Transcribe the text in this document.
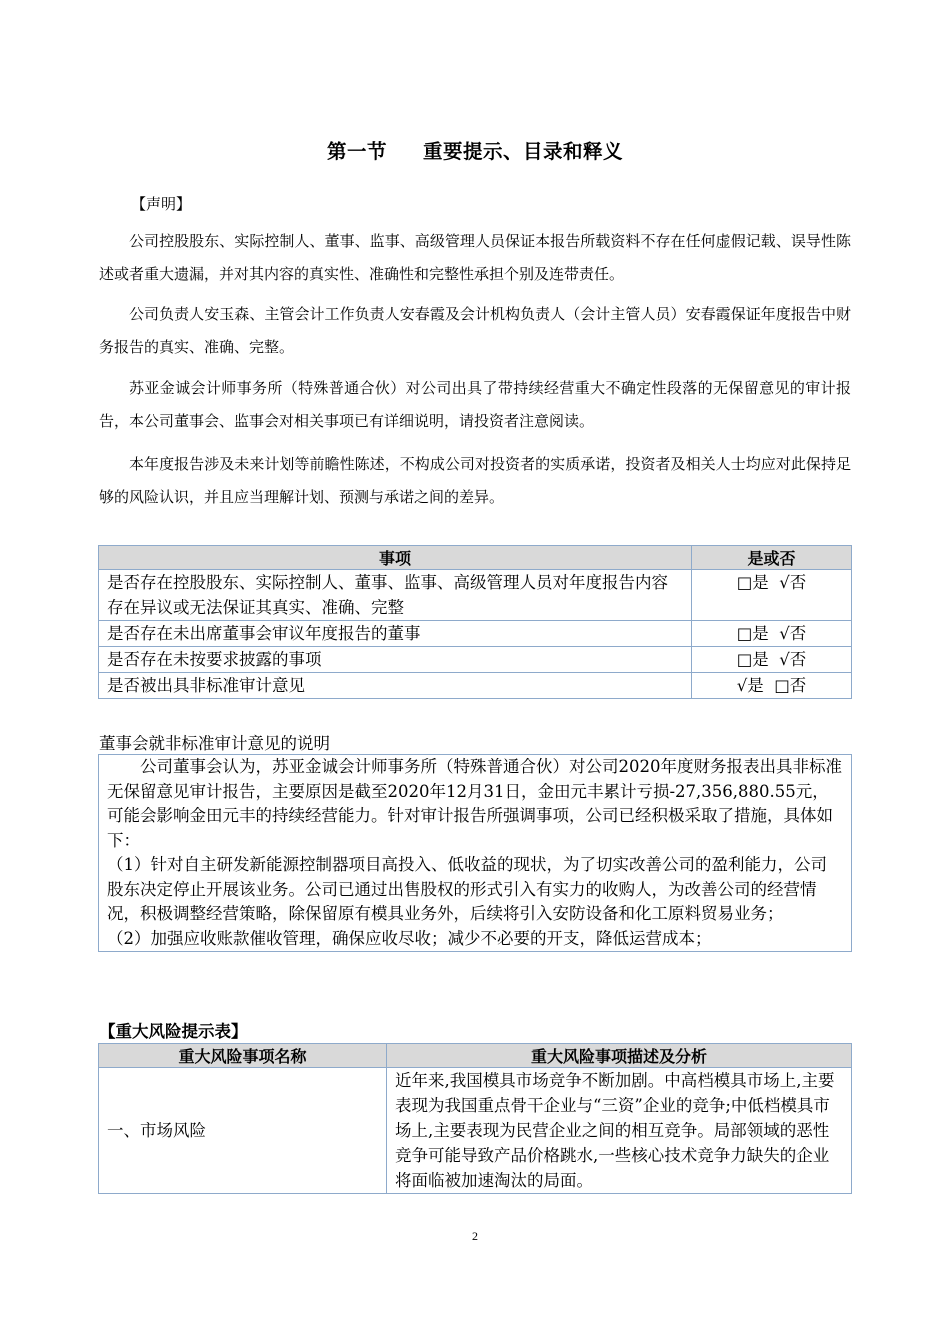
第一节 重要提示、目录和释义
【声明】
公司控股股东、实际控制人、董事、监事、高级管理人员保证本报告所载资料不存在任何虚假记载、误导性陈述或者重大遗漏，并对其内容的真实性、准确性和完整性承担个别及连带责任。
公司负责人安玉森、主管会计工作负责人安春霞及会计机构负责人（会计主管人员）安春霞保证年度报告中财务报告的真实、准确、完整。
苏亚金诚会计师事务所（特殊普通合伙）对公司出具了带持续经营重大不确定性段落的无保留意见的审计报告，本公司董事会、监事会对相关事项已有详细说明，请投资者注意阅读。
本年度报告涉及未来计划等前瞻性陈述，不构成公司对投资者的实质承诺，投资者及相关人士均应对此保持足够的风险认识，并且应当理解计划、预测与承诺之间的差异。
事项	是或否
是否存在控股股东、实际控制人、董事、监事、高级管理人员对年度报告内容存在异议或无法保证其真实、准确、完整	□是  √否
是否存在未出席董事会审议年度报告的董事	□是  √否
是否存在未按要求披露的事项	□是  √否
是否被出具非标准审计意见	√是  □否
董事会就非标准审计意见的说明

公司董事会认为，苏亚金诚会计师事务所（特殊普通合伙）对公司2020年度财务报表出具非标准无保留意见审计报告，主要原因是截至2020年12月31日，金田元丰累计亏损-27,356,880.55元，可能会影响金田元丰的持续经营能力。针对审计报告所强调事项，公司已经积极采取了措施，具体如下：

（1）针对自主研发新能源控制器项目高投入、低收益的现状，为了切实改善公司的盈利能力，公司股东决定停止开展该业务。公司已通过出售股权的形式引入有实力的收购人，为改善公司的经营情况，积极调整经营策略，除保留原有模具业务外，后续将引入安防设备和化工原料贸易业务；

（2）加强应收账款催收管理，确保应收尽收；减少不必要的开支，降低运营成本；

【重大风险提示表】
重大风险事项名称	重大风险事项描述及分析
一、市场风险	近年来,我国模具市场竞争不断加剧。中高档模具市场上,主要表现为我国重点骨干企业与“三资”企业的竞争;中低档模具市场上,主要表现为民营企业之间的相互竞争。局部领域的恶性竞争可能导致产品价格跳水,一些核心技术竞争力缺失的企业将面临被加速淘汰的局面。
2
